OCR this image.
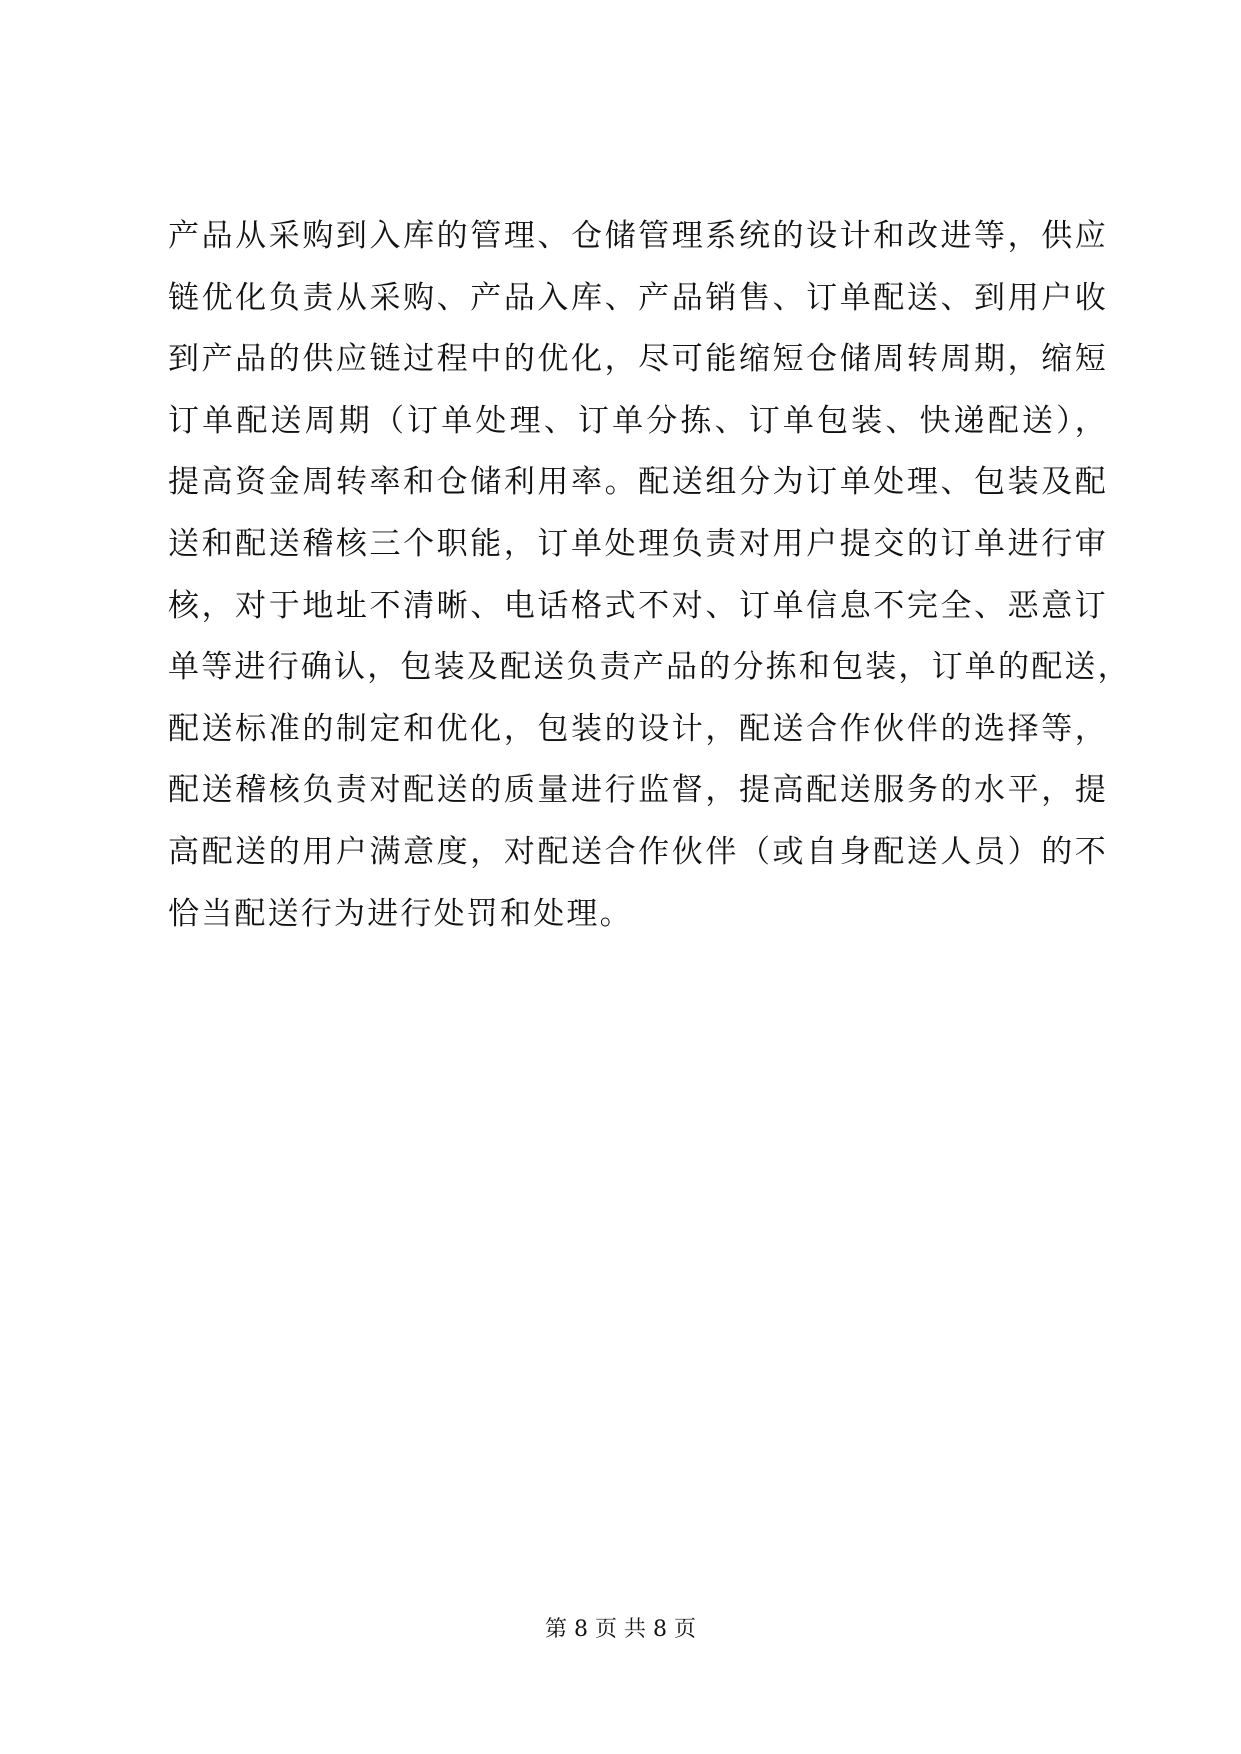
产品从采购到入库的管理、仓储管理系统的设计和改进等，供应
链优化负责从采购、产品入库、产品销售、订单配送、到用户收
到产品的供应链过程中的优化，尽可能缩短仓储周转周期，缩短
订单配送周期（订单处理、订单分拣、订单包装、快递配送），
提高资金周转率和仓储利用率。配送组分为订单处理、包装及配
送和配送稽核三个职能，订单处理负责对用户提交的订单进行审
核，对于地址不清晰、电话格式不对、订单信息不完全、恶意订
单等进行确认，包装及配送负责产品的分拣和包装，订单的配送，
配送标准的制定和优化，包装的设计，配送合作伙伴的选择等，
配送稽核负责对配送的质量进行监督，提高配送服务的水平，提
高配送的用户满意度，对配送合作伙伴（或自身配送人员）的不
恰当配送行为进行处罚和处理。
第 8 页 共 8 页
